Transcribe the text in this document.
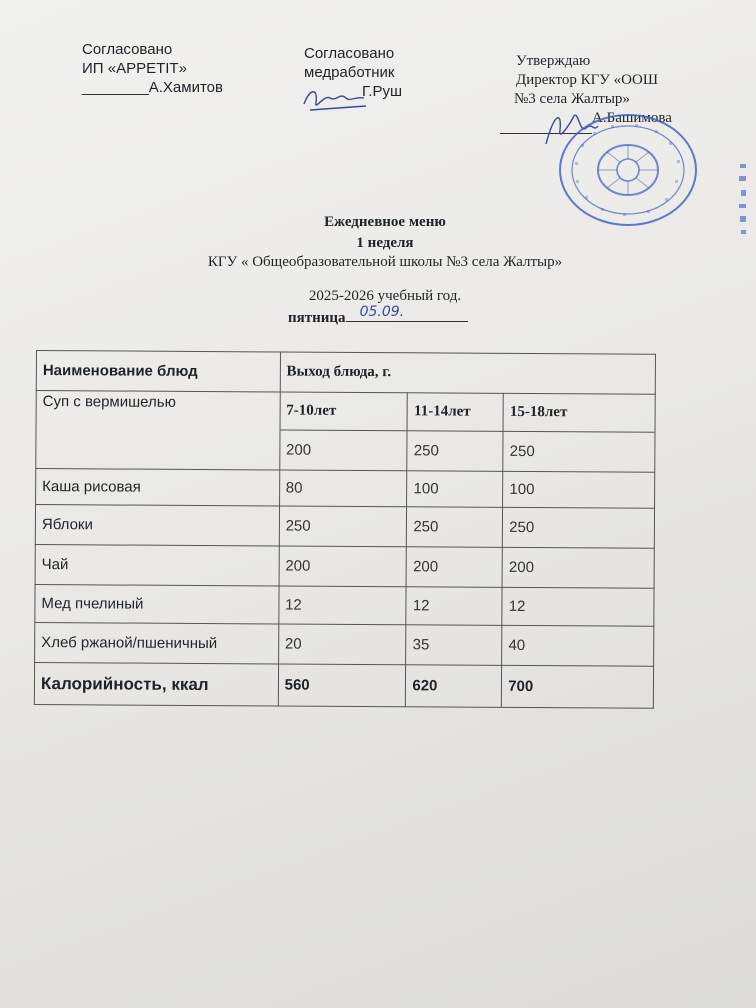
Согласовано
ИП «APPETIT»
________А.Хамитов
Согласовано
медработник
Г.Руш
Утверждаю
Директор КГУ «ООШ
№3 села Жалтыр»
А.Башимова
Ежедневное меню
1 неделя
КГУ « Общеобразовательной школы №3 села Жалтыр»
2025-2026 учебный год.
пятница 05.09.
Наименование блюд	Выход блюда, г.		
Суп с вермишелью	7-10лет	11-14лет	15-18лет
	200	250	250
Каша рисовая	80	100	100
Яблоки	250	250	250
Чай	200	200	200
Мед пчелиный	12	12	12
Хлеб ржаной/пшеничный	20	35	40
Калорийность, ккал	560	620	700
